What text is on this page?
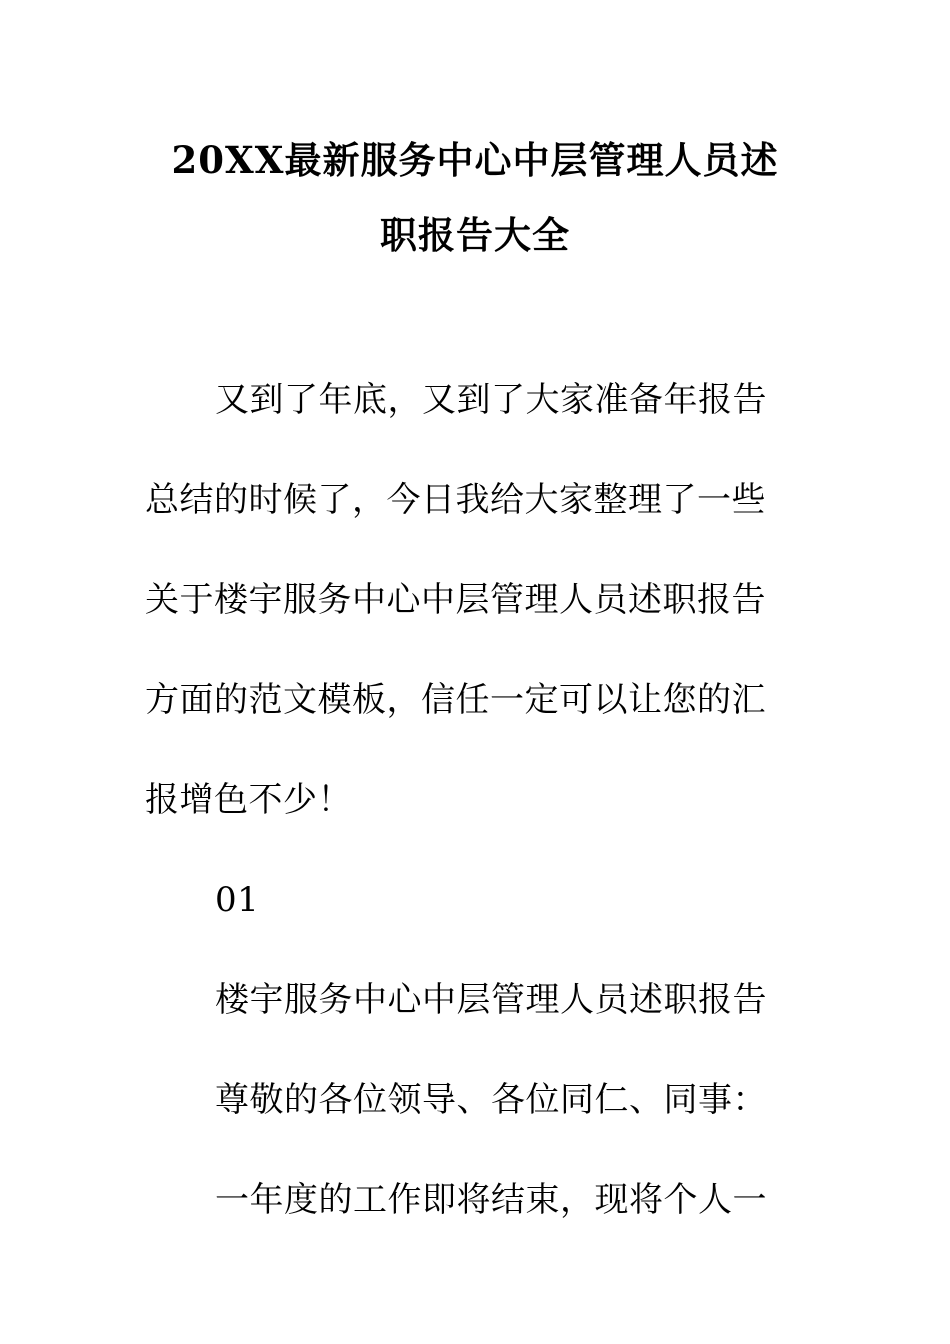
20XX最新服务中心中层管理人员述
职报告大全
又到了年底，又到了大家准备年报告
总结的时候了，今日我给大家整理了一些
关于楼宇服务中心中层管理人员述职报告
方面的范文模板，信任一定可以让您的汇
报增色不少！
01
楼宇服务中心中层管理人员述职报告
尊敬的各位领导、各位同仁、同事：
一年度的工作即将结束，现将个人一
